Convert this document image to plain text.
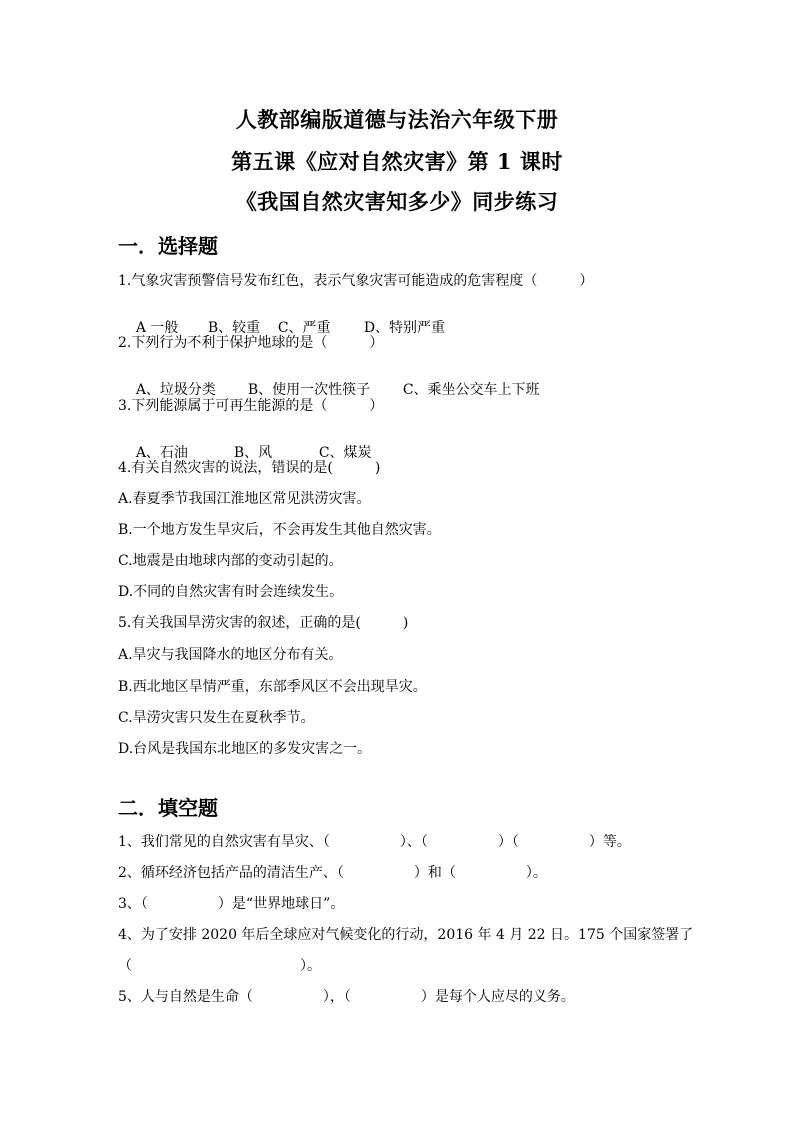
人教部编版道德与法治六年级下册
第五课《应对自然灾害》第 1 课时
《我国自然灾害知多少》同步练习
一．选择题
1.气象灾害预警信号发布红色，表示气象灾害可能造成的危害程度（　　　）

A 一般 B、较重 C、严重 D、特别严重

2.下列行为不利于保护地球的是（　　　）

A、垃圾分类 B、使用一次性筷子 C、乘坐公交车上下班

3.下列能源属于可再生能源的是（　　　）

A、石油	B、风	C、煤炭

4.有关自然灾害的说法，错误的是(　　　)
A.春夏季节我国江淮地区常见洪涝灾害。
B.一个地方发生旱灾后，不会再发生其他自然灾害。
C.地震是由地球内部的变动引起的。
D.不同的自然灾害有时会连续发生。
5.有关我国旱涝灾害的叙述，正确的是(　　　)
A.旱灾与我国降水的地区分布有关。
B.西北地区旱情严重，东部季风区不会出现旱灾。
C.旱涝灾害只发生在夏秋季节。
D.台风是我国东北地区的多发灾害之一。
二．填空题
1、我们常见的自然灾害有旱灾、（　　　　　）、（　　　　　）（　　　　　）等。
2、循环经济包括产品的清洁生产、（　　　　　）和（　　　　　）。
3、（　　　　　）是“世界地球日”。
4、为了安排 2020 年后全球应对气候变化的行动，2016 年 4 月 22 日。175 个国家签署了
（　　　　　　　　　　　　）。
5、人与自然是生命（　　　　　），（　　　　　）是每个人应尽的义务。
